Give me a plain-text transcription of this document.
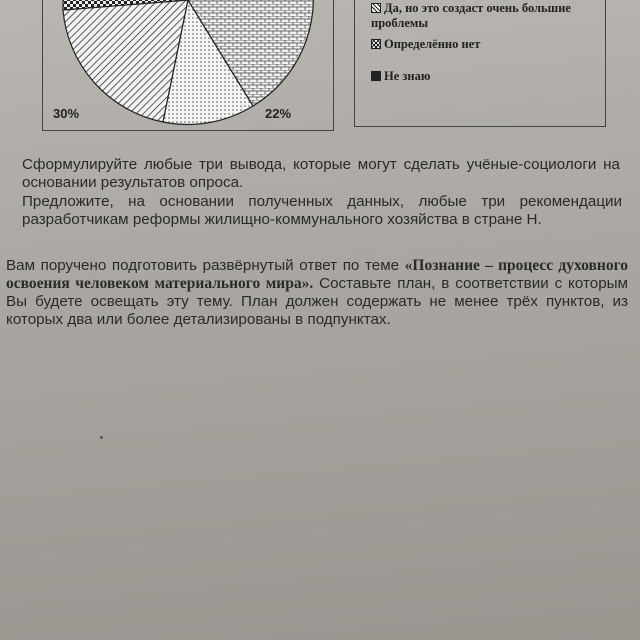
30%	22%
Да, но это создаст очень большие проблемы
Определённо нет
Не знаю
Сформулируйте любые три вывода, которые могут сделать учёные-социологи на основании результатов опроса.
Предложите, на основании полученных данных, любые три рекомендации разработчикам реформы жилищно-коммунального хозяйства в стране Н.
Вам поручено подготовить развёрнутый ответ по теме «Познание – процесс духовного освоения человеком материального мира». Составьте план, в соответствии с которым Вы будете освещать эту тему. План должен содержать не менее трёх пунктов, из которых два или более детализированы в подпунктах.
